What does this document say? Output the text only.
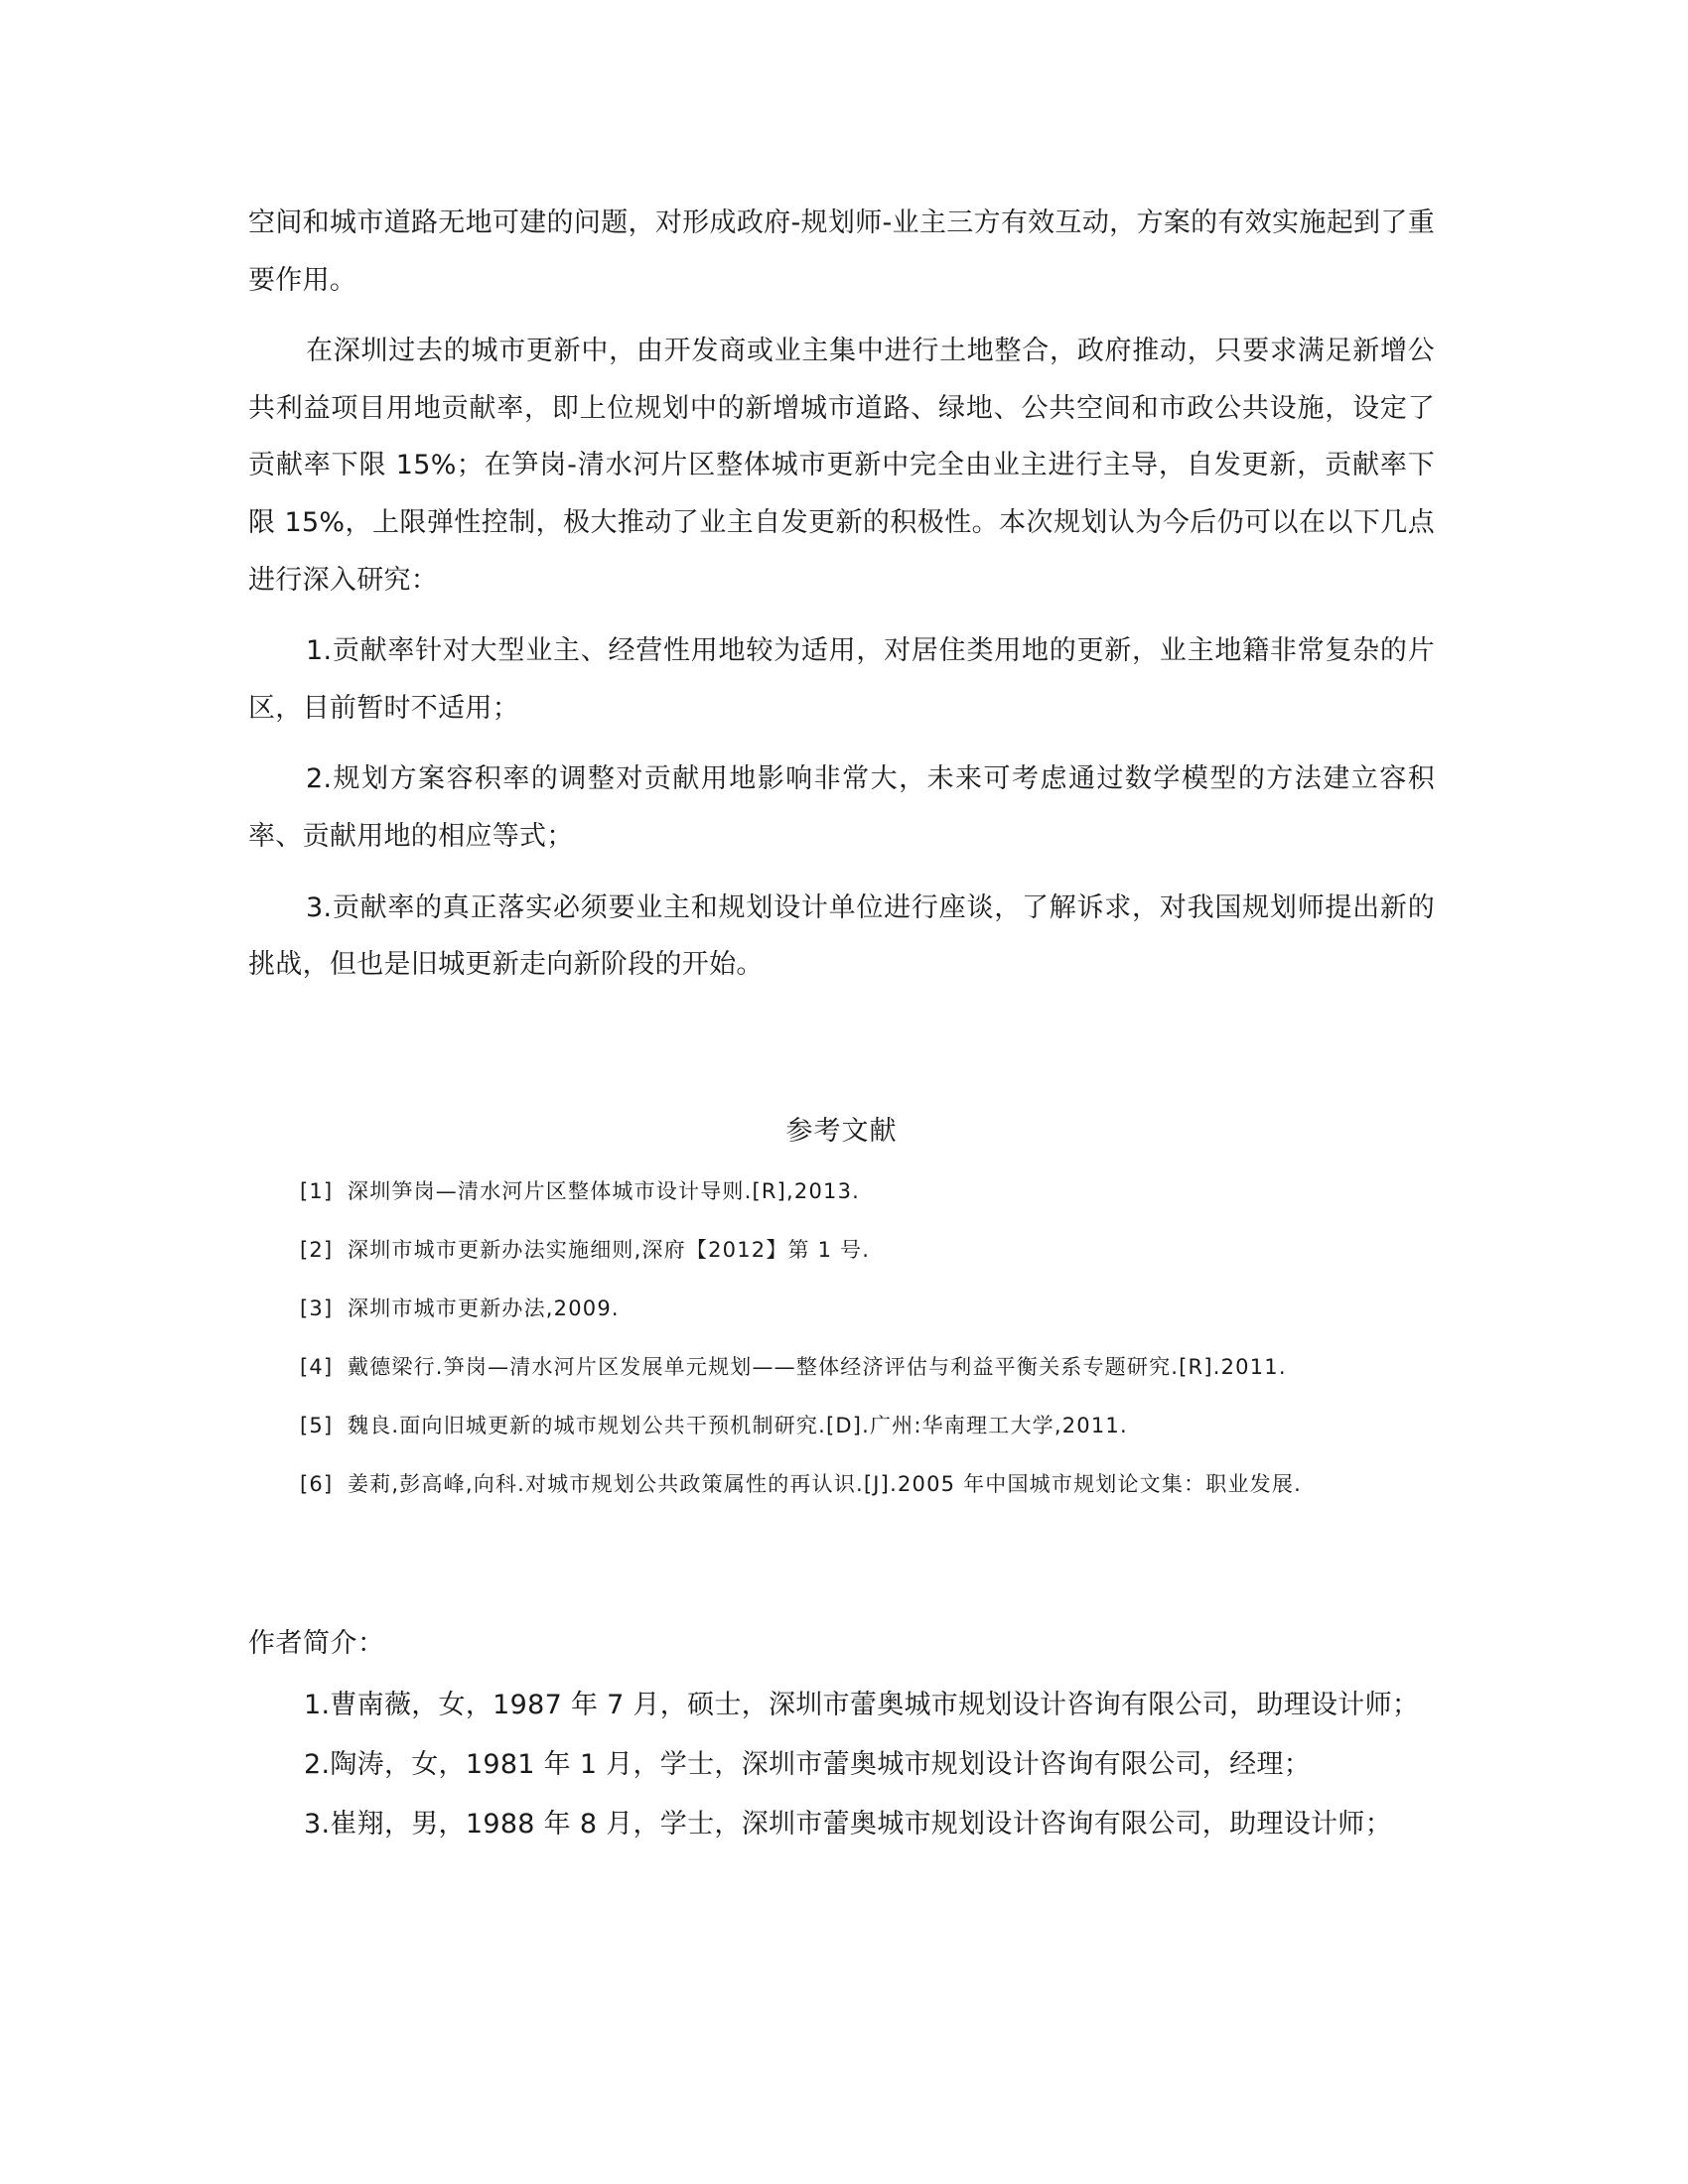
空间和城市道路无地可建的问题，对形成政府-规划师-业主三方有效互动，方案的有效实施起到了重要作用。

在深圳过去的城市更新中，由开发商或业主集中进行土地整合，政府推动，只要求满足新增公共利益项目用地贡献率，即上位规划中的新增城市道路、绿地、公共空间和市政公共设施，设定了贡献率下限 15%；在笋岗-清水河片区整体城市更新中完全由业主进行主导，自发更新，贡献率下限 15%，上限弹性控制，极大推动了业主自发更新的积极性。本次规划认为今后仍可以在以下几点进行深入研究：

1.贡献率针对大型业主、经营性用地较为适用，对居住类用地的更新，业主地籍非常复杂的片区，目前暂时不适用；

2.规划方案容积率的调整对贡献用地影响非常大，未来可考虑通过数学模型的方法建立容积率、贡献用地的相应等式；

3.贡献率的真正落实必须要业主和规划设计单位进行座谈，了解诉求，对我国规划师提出新的挑战，但也是旧城更新走向新阶段的开始。

参考文献
[1] 深圳笋岗—清水河片区整体城市设计导则.[R],2013.
[2] 深圳市城市更新办法实施细则,深府【2012】第 1 号.
[3] 深圳市城市更新办法,2009.
[4] 戴德梁行.笋岗—清水河片区发展单元规划——整体经济评估与利益平衡关系专题研究.[R].2011.
[5] 魏良.面向旧城更新的城市规划公共干预机制研究.[D].广州:华南理工大学,2011.
[6] 姜莉,彭高峰,向科.对城市规划公共政策属性的再认识.[J].2005 年中国城市规划论文集：职业发展.
作者简介：
1.曹南薇，女，1987 年 7 月，硕士，深圳市蕾奥城市规划设计咨询有限公司，助理设计师；
2.陶涛，女，1981 年 1 月，学士，深圳市蕾奥城市规划设计咨询有限公司，经理；
3.崔翔，男，1988 年 8 月，学士，深圳市蕾奥城市规划设计咨询有限公司，助理设计师；
